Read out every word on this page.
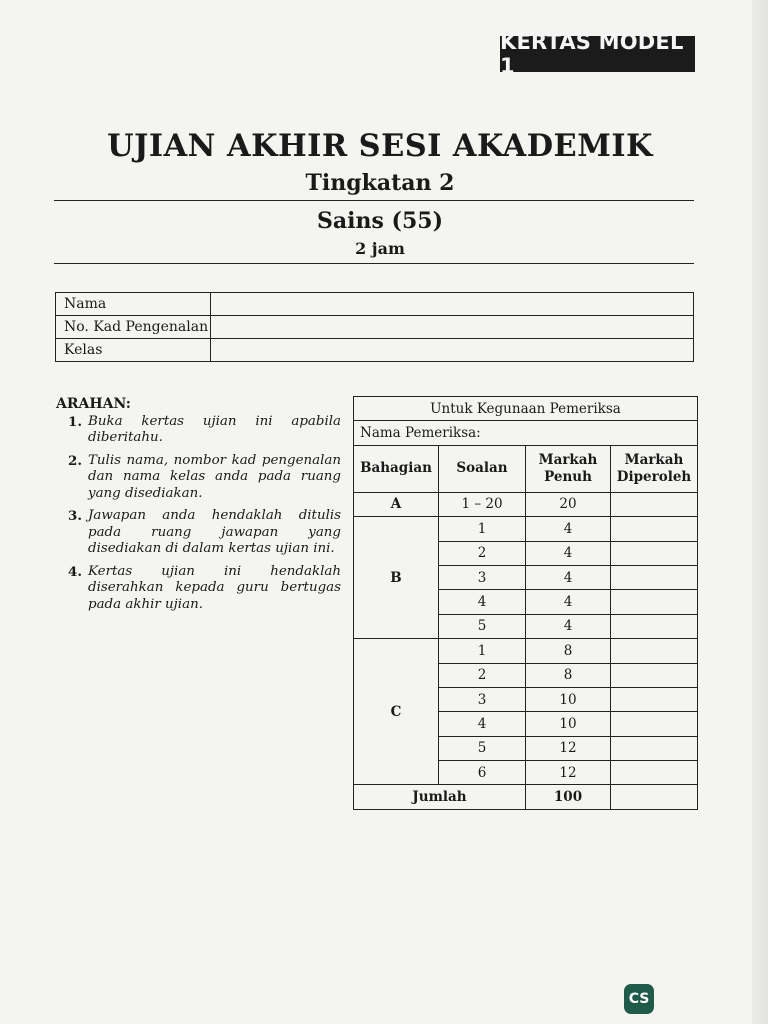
KERTAS MODEL 1
UJIAN AKHIR SESI AKADEMIK
Tingkatan 2
Sains (55)
2 jam
Nama	
No. Kad Pengenalan	
Kelas	
ARAHAN:
1. Buka kertas ujian ini apabila diberitahu.
2. Tulis nama, nombor kad pengenalan dan nama kelas anda pada ruang yang disediakan.
3. Jawapan anda hendaklah ditulis pada ruang jawapan yang disediakan di dalam kertas ujian ini.
4. Kertas ujian ini hendaklah diserahkan kepada guru bertugas pada akhir ujian.
Untuk Kegunaan Pemeriksa			
Nama Pemeriksa:			
Bahagian	Soalan	Markah Penuh	Markah Diperoleh
A	1 – 20	20	
B	1	4	
	2	4	
	3	4	
	4	4	
	5	4	
C	1	8	
	2	8	
	3	10	
	4	10	
	5	12	
	6	12	
Jumlah		100	
CS
